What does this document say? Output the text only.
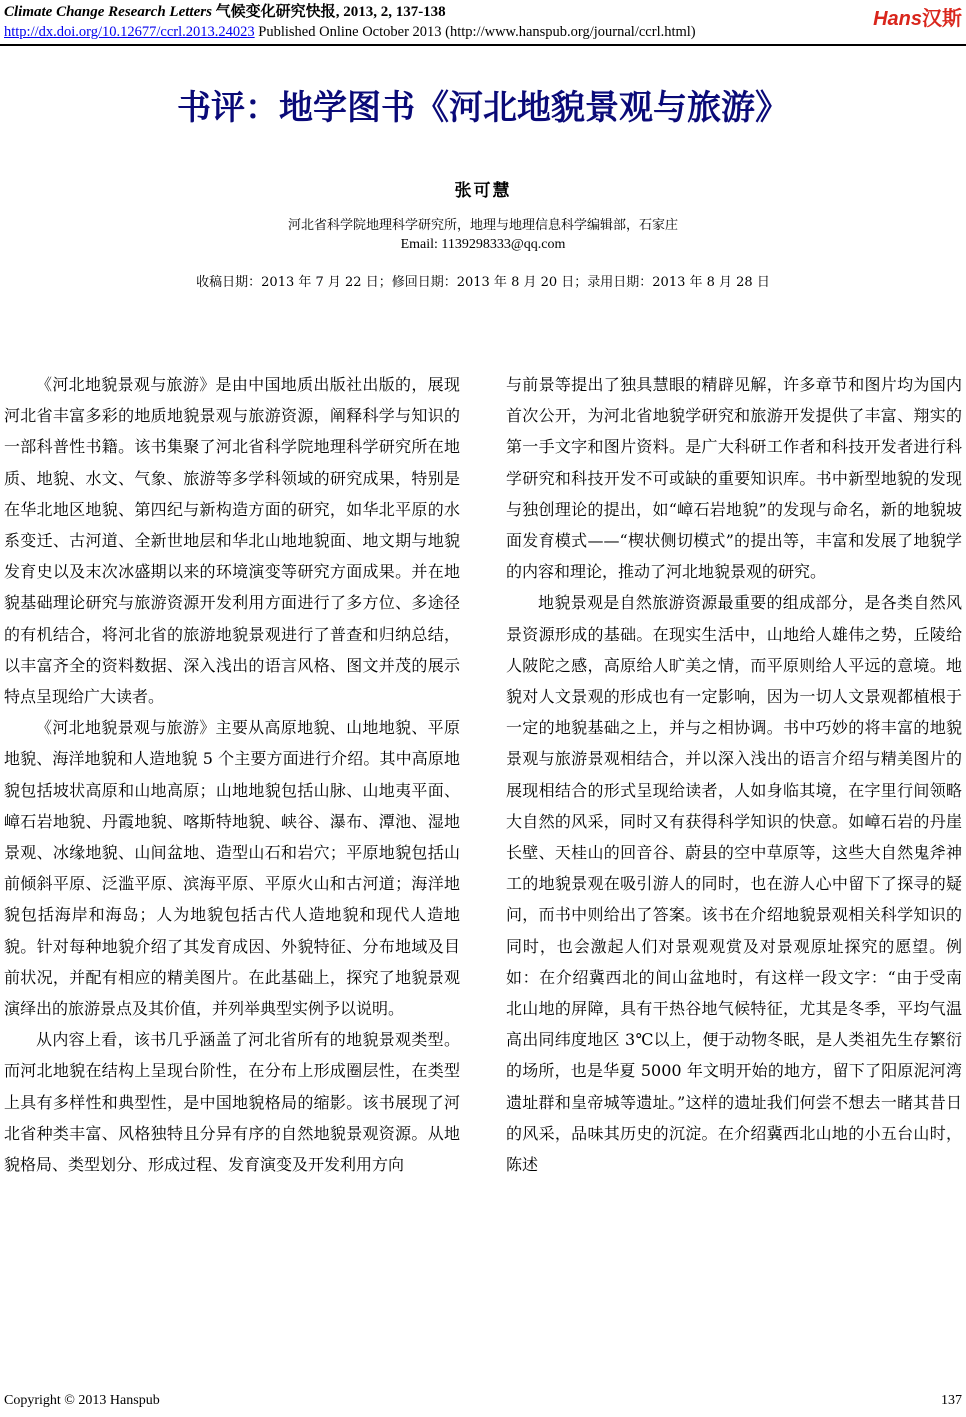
Climate Change Research Letters 气候变化研究快报, 2013, 2, 137-138
http://dx.doi.org/10.12677/ccrl.2013.24023 Published Online October 2013 (http://www.hanspub.org/journal/ccrl.html)
Hans汉斯
书评：地学图书《河北地貌景观与旅游》
张可慧
河北省科学院地理科学研究所，地理与地理信息科学编辑部，石家庄
Email: 1139298333@qq.com
收稿日期：2013 年 7 月 22 日；修回日期：2013 年 8 月 20 日；录用日期：2013 年 8 月 28 日

《河北地貌景观与旅游》是由中国地质出版社出版的，展现河北省丰富多彩的地质地貌景观与旅游资源，阐释科学与知识的一部科普性书籍。该书集聚了河北省科学院地理科学研究所在地质、地貌、水文、气象、旅游等多学科领域的研究成果，特别是在华北地区地貌、第四纪与新构造方面的研究，如华北平原的水系变迁、古河道、全新世地层和华北山地地貌面、地文期与地貌发育史以及末次冰盛期以来的环境演变等研究方面成果。并在地貌基础理论研究与旅游资源开发利用方面进行了多方位、多途径的有机结合，将河北省的旅游地貌景观进行了普查和归纳总结，以丰富齐全的资料数据、深入浅出的语言风格、图文并茂的展示特点呈现给广大读者。

《河北地貌景观与旅游》主要从高原地貌、山地地貌、平原地貌、海洋地貌和人造地貌 5 个主要方面进行介绍。其中高原地貌包括坡状高原和山地高原；山地地貌包括山脉、山地夷平面、嶂石岩地貌、丹霞地貌、喀斯特地貌、峡谷、瀑布、潭池、湿地景观、冰缘地貌、山间盆地、造型山石和岩穴；平原地貌包括山前倾斜平原、泛滥平原、滨海平原、平原火山和古河道；海洋地貌包括海岸和海岛；人为地貌包括古代人造地貌和现代人造地貌。针对每种地貌介绍了其发育成因、外貌特征、分布地域及目前状况，并配有相应的精美图片。在此基础上，探究了地貌景观演绎出的旅游景点及其价值，并列举典型实例予以说明。

从内容上看，该书几乎涵盖了河北省所有的地貌景观类型。而河北地貌在结构上呈现台阶性，在分布上形成圈层性，在类型上具有多样性和典型性，是中国地貌格局的缩影。该书展现了河北省种类丰富、风格独特且分异有序的自然地貌景观资源。从地貌格局、类型划分、形成过程、发育演变及开发利用方向

与前景等提出了独具慧眼的精辟见解，许多章节和图片均为国内首次公开，为河北省地貌学研究和旅游开发提供了丰富、翔实的第一手文字和图片资料。是广大科研工作者和科技开发者进行科学研究和科技开发不可或缺的重要知识库。书中新型地貌的发现与独创理论的提出，如“嶂石岩地貌”的发现与命名，新的地貌坡面发育模式——“楔状侧切模式”的提出等，丰富和发展了地貌学的内容和理论，推动了河北地貌景观的研究。

地貌景观是自然旅游资源最重要的组成部分，是各类自然风景资源形成的基础。在现实生活中，山地给人雄伟之势，丘陵给人陂陀之感，高原给人旷美之情，而平原则给人平远的意境。地貌对人文景观的形成也有一定影响，因为一切人文景观都植根于一定的地貌基础之上，并与之相协调。书中巧妙的将丰富的地貌景观与旅游景观相结合，并以深入浅出的语言介绍与精美图片的展现相结合的形式呈现给读者，人如身临其境，在字里行间领略大自然的风采，同时又有获得科学知识的快意。如嶂石岩的丹崖长壁、天桂山的回音谷、蔚县的空中草原等，这些大自然鬼斧神工的地貌景观在吸引游人的同时，也在游人心中留下了探寻的疑问，而书中则给出了答案。该书在介绍地貌景观相关科学知识的同时，也会激起人们对景观观赏及对景观原址探究的愿望。例如：在介绍冀西北的间山盆地时，有这样一段文字：“由于受南北山地的屏障，具有干热谷地气候特征，尤其是冬季，平均气温高出同纬度地区 3℃以上，便于动物冬眠，是人类祖先生存繁衍的场所，也是华夏 5000 年文明开始的地方，留下了阳原泥河湾遗址群和皇帝城等遗址。”这样的遗址我们何尝不想去一睹其昔日的风采，品味其历史的沉淀。在介绍冀西北山地的小五台山时，陈述

Copyright © 2013 Hanspub	137
